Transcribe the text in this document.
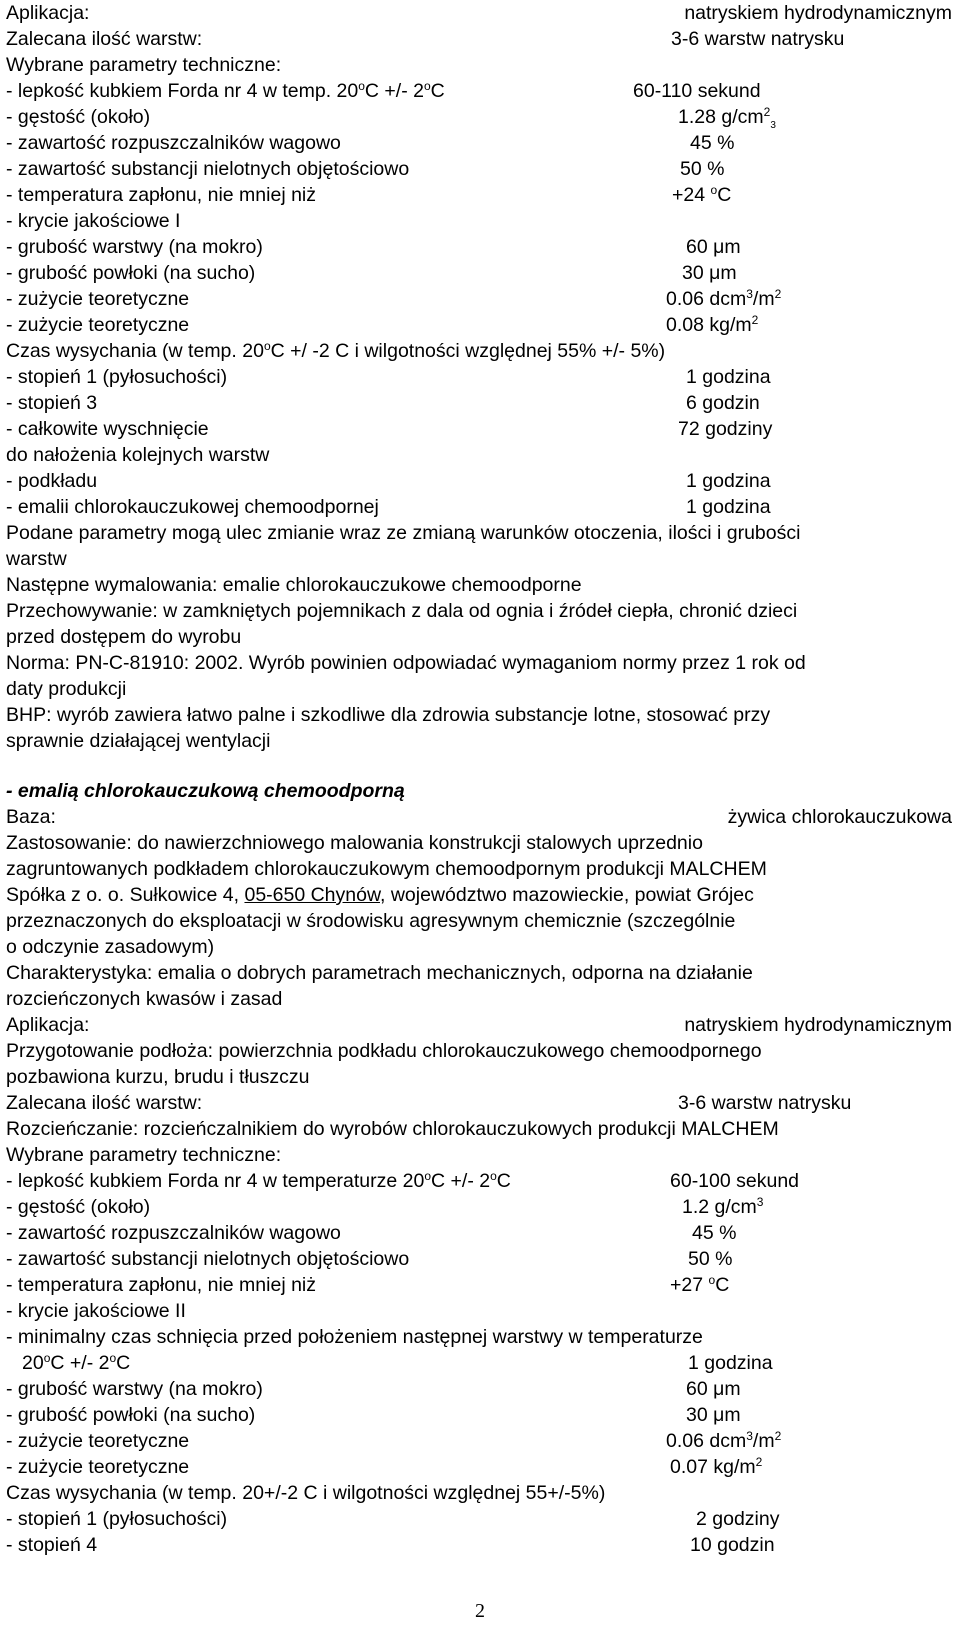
Aplikacja:	natryskiem hydrodynamicznym
Zalecana ilość warstw:	3-6 warstw natrysku
Wybrane parametry techniczne:
- lepkość kubkiem Forda nr 4 w temp. $20^oC$ +/- 2$^o$C	60-110 sekund
- gęstość (około)	1.28 $g/cm^2_3$
- zawartość rozpuszczalników wagowo	45 %
- zawartość substancji nielotnych objętościowo	50 %
- temperatura zapłonu, nie mniej niż	+24 $^o$C
- krycie jakościowe I
- grubość warstwy (na mokro)	60 μm
- grubość powłoki (na sucho)	30 μm
- zużycie teoretyczne	0.06 $dcm^3/m^2$
- zużycie teoretyczne	0.08 $kg/m^2$
Czas wysychania (w temp. $20^oC +/ -2$ C i wilgotności względnej 55% +/- 5%)
- stopień 1 (pyłosuchości)	1 godzina
- stopień 3	6 godzin
- całkowite wyschnięcie	72 godziny
do nałożenia kolejnych warstw
- podkładu	1 godzina
- emalii chlorokauczukowej chemoodpornej	1 godzina
Podane parametry mogą ulec zmianie wraz ze zmianą warunków otoczenia, ilości i grubości
warstw
Następne wymalowania: emalie chlorokauczukowe chemoodporne
Przechowywanie: w zamkniętych pojemnikach z dala od ognia i źródeł ciepła, chronić dzieci
przed dostępem do wyrobu
Norma: PN-C-81910: 2002. Wyrób powinien odpowiadać wymaganiom normy przez 1 rok od
daty produkcji
BHP: wyrób zawiera łatwo palne i szkodliwe dla zdrowia substancje lotne, stosować przy
sprawnie działającej wentylacji
- emalią chlorokauczukową chemoodporną
Baza:	żywica chlorokauczukowa
Zastosowanie: do nawierzchniowego malowania konstrukcji stalowych uprzednio
zagruntowanych podkładem chlorokauczukowym chemoodpornym produkcji MALCHEM
Spółka z o. o. Sułkowice 4, 05-650 Chynów, województwo mazowieckie, powiat Grójec
przeznaczonych do eksploatacji w środowisku agresywnym chemicznie (szczególnie
o odczynie zasadowym)
Charakterystyka: emalia o dobrych parametrach mechanicznych, odporna na działanie
rozcieńczonych kwasów i zasad
Aplikacja:	natryskiem hydrodynamicznym
Przygotowanie podłoża: powierzchnia podkładu chlorokauczukowego chemoodpornego
pozbawiona kurzu, brudu i tłuszczu
Zalecana ilość warstw:	3-6 warstw natrysku
Rozcieńczanie: rozcieńczalnikiem do wyrobów chlorokauczukowych produkcji MALCHEM
Wybrane parametry techniczne:
- lepkość kubkiem Forda nr 4 w temperaturze $20^oC$ +/- 2$^o$C	60-100 sekund
- gęstość (około)	1.2 $g/cm^3$
- zawartość rozpuszczalników wagowo	45 %
- zawartość substancji nielotnych objętościowo	50 %
- temperatura zapłonu, nie mniej niż	+27 $^o$C
- krycie jakościowe II
- minimalny czas schnięcia przed położeniem następnej warstwy w temperaturze
$20^oC$ +/- 2$^o$C	1 godzina
- grubość warstwy (na mokro)	60 μm
- grubość powłoki (na sucho)	30 μm
- zużycie teoretyczne	0.06 $dcm^3/m^2$
- zużycie teoretyczne	0.07 $kg/m^2$
Czas wysychania (w temp. 20+/-2 C i wilgotności względnej 55+/-5%)
- stopień 1 (pyłosuchości)	2 godziny
- stopień 4	10 godzin
2
